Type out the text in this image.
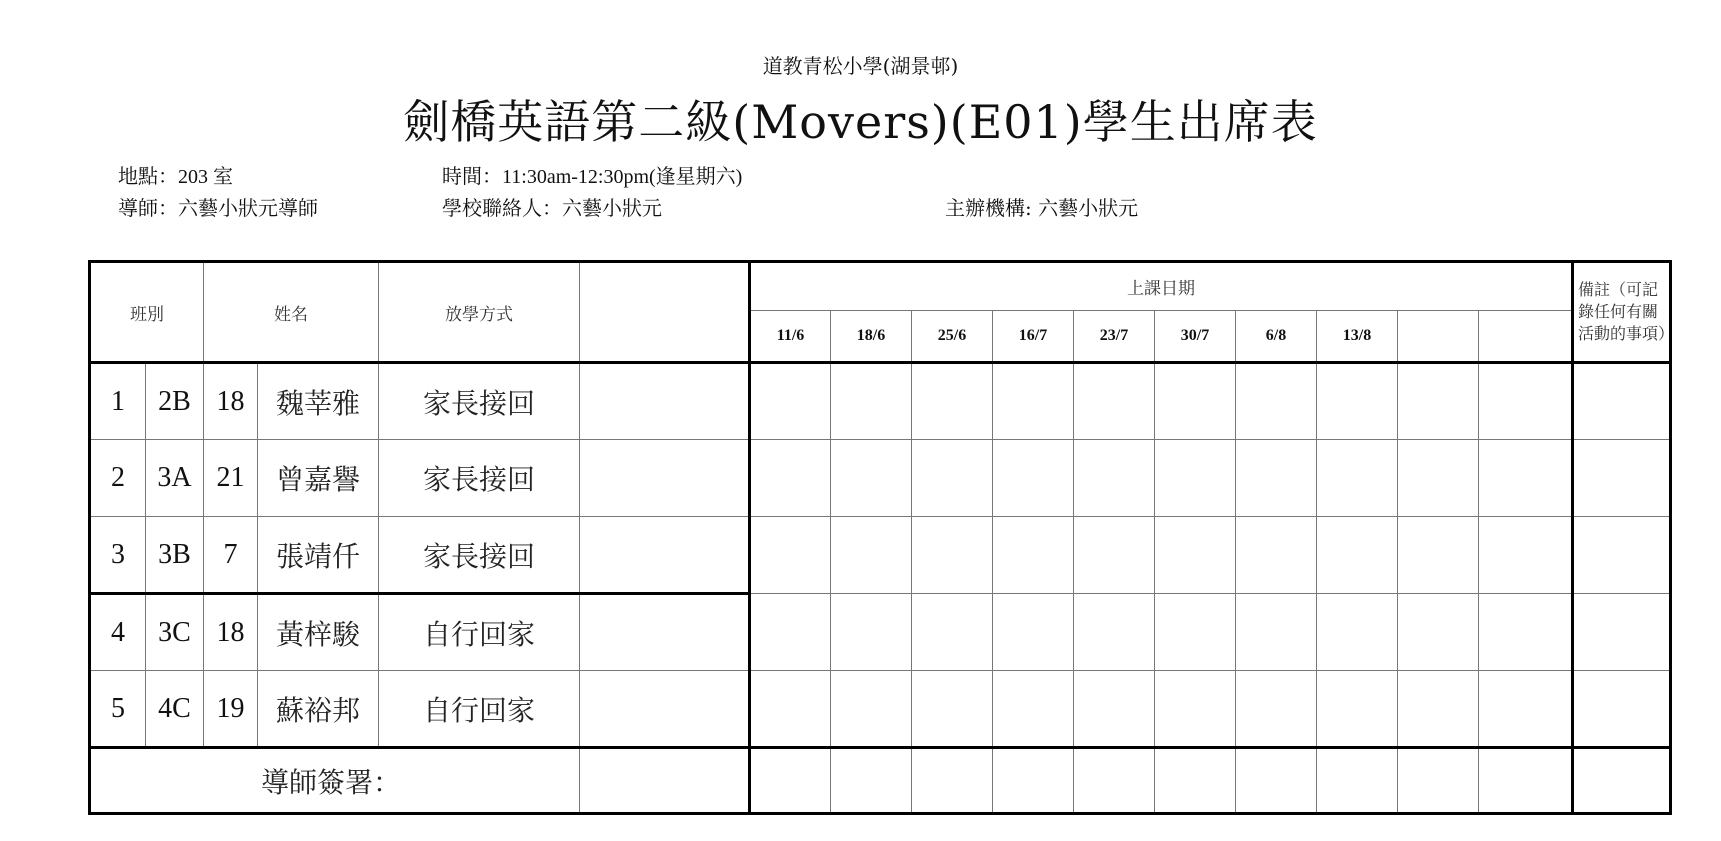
道教青松小學(湖景邨)
劍橋英語第二級(Movers)(E01)學生出席表
地點：203 室	時間：11:30am-12:30pm(逢星期六)
導師：六藝小狀元導師	學校聯絡人：六藝小狀元	主辦機構: 六藝小狀元
班別		姓名		放學方式		上課日期										備註（可記錄任何有關活動的事項）
						11/6	18/6	25/6	16/7	23/7	30/7	6/8	13/8			
1	2B	18	魏莘雅	家長接回												
2	3A	21	曾嘉譽	家長接回												
3	3B	7	張靖仟	家長接回												
4	3C	18	黃梓駿	自行回家												
5	4C	19	蘇裕邦	自行回家												
導師簽署：																
